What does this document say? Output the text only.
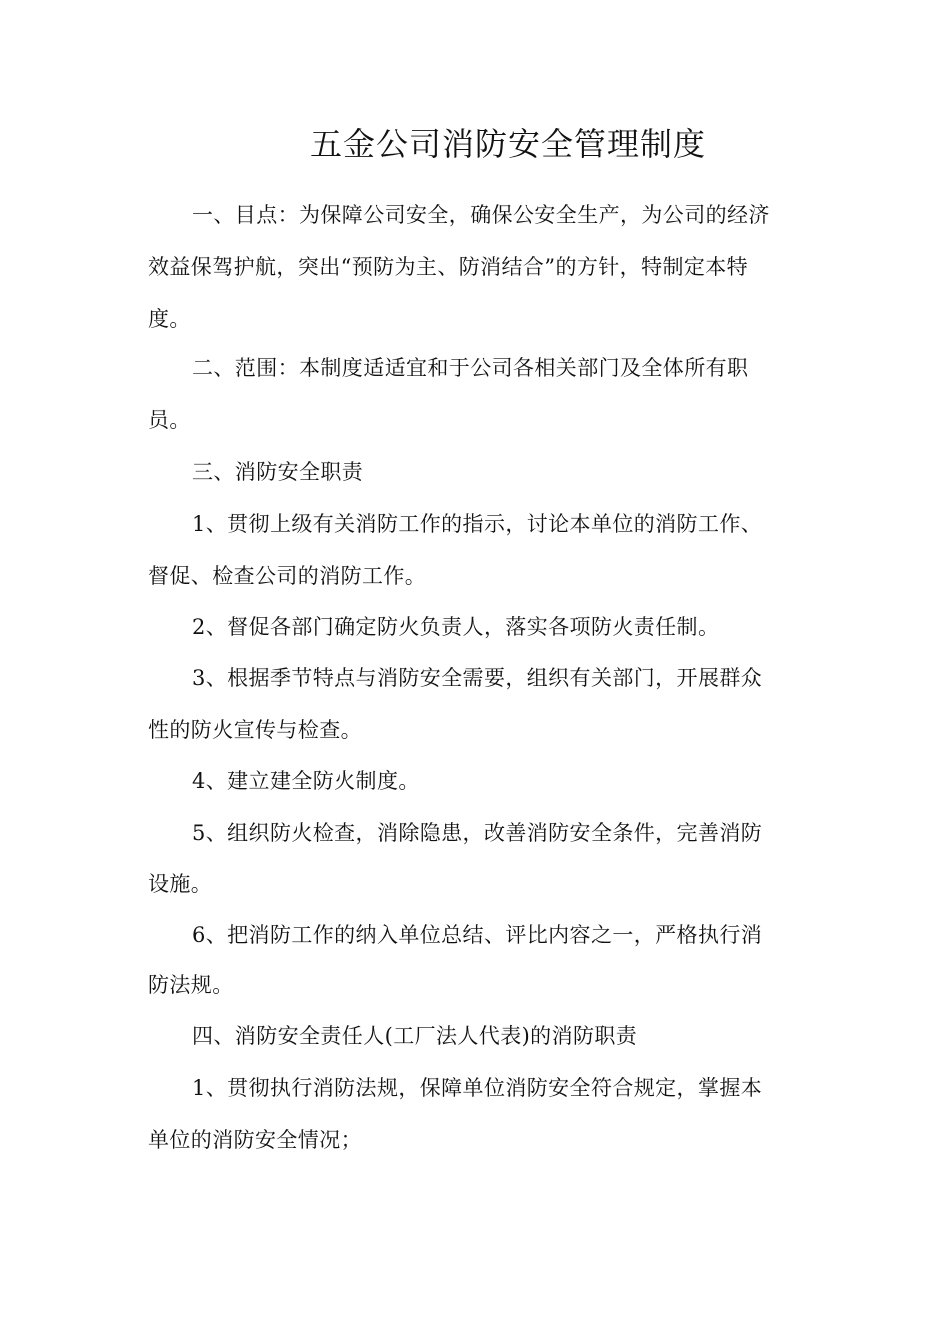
五金公司消防安全管理制度
一、目点：为保障公司安全，确保公安全生产，为公司的经济
效益保驾护航，突出“预防为主、防消结合”的方针，特制定本特
度。
二、范围：本制度适适宜和于公司各相关部门及全体所有职
员。
三、消防安全职责
1、贯彻上级有关消防工作的指示，讨论本单位的消防工作、
督促、检查公司的消防工作。
2、督促各部门确定防火负责人，落实各项防火责任制。
3、根据季节特点与消防安全需要，组织有关部门，开展群众
性的防火宣传与检查。
4、建立建全防火制度。
5、组织防火检查，消除隐患，改善消防安全条件，完善消防
设施。
6、把消防工作的纳入单位总结、评比内容之一，严格执行消
防法规。
四、消防安全责任人(工厂法人代表)的消防职责
1、贯彻执行消防法规，保障单位消防安全符合规定，掌握本
单位的消防安全情况；
